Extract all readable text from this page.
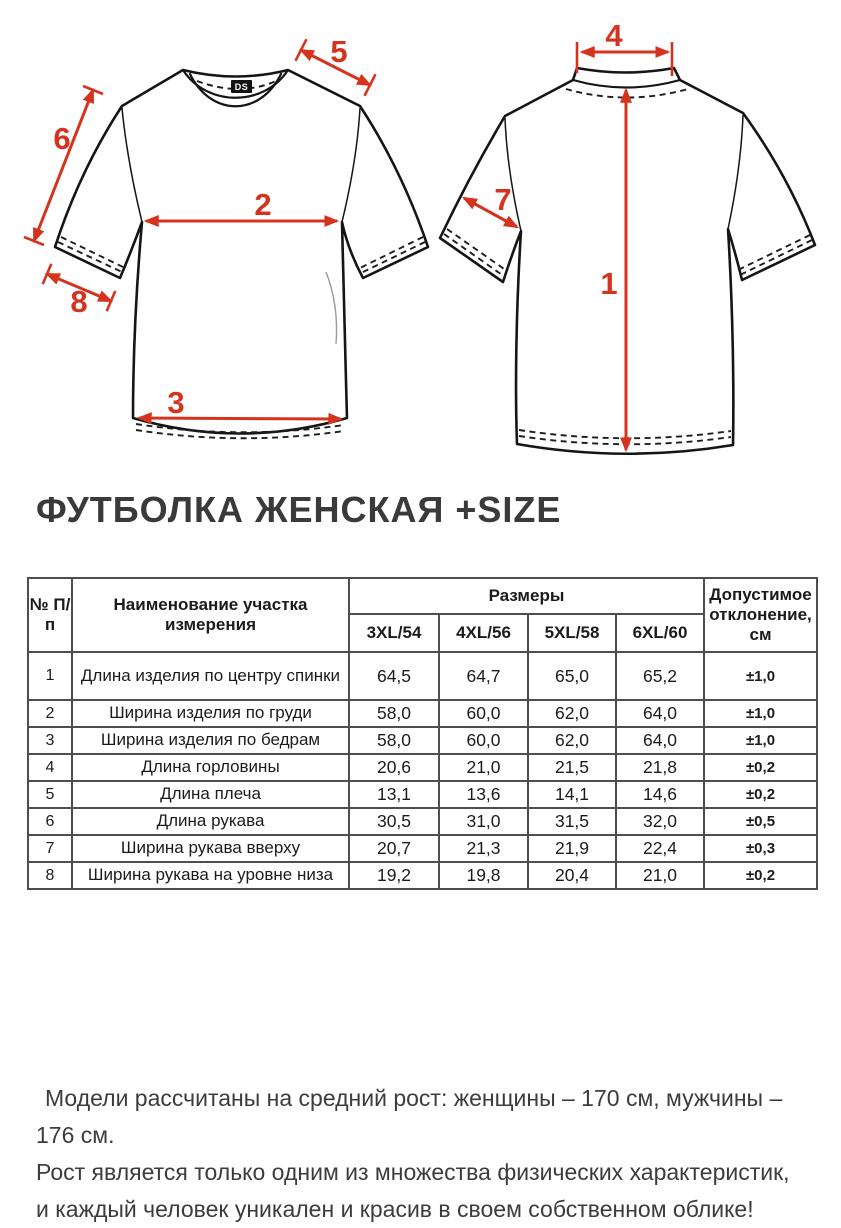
DS
2
3
5
6
8
4
1
7
ФУТБОЛКА ЖЕНСКАЯ +SIZE
№ П/п	Наименование участка измерения	Размеры				Допустимое отклонение, см
		3XL/54	4XL/56	5XL/58	6XL/60	
1	Длина изделия по центру спинки	64,5	64,7	65,0	65,2	±1,0
2	Ширина изделия по груди	58,0	60,0	62,0	64,0	±1,0
3	Ширина изделия по бедрам	58,0	60,0	62,0	64,0	±1,0
4	Длина горловины	20,6	21,0	21,5	21,8	±0,2
5	Длина плеча	13,1	13,6	14,1	14,6	±0,2
6	Длина рукава	30,5	31,0	31,5	32,0	±0,5
7	Ширина рукава вверху	20,7	21,3	21,9	22,4	±0,3
8	Ширина рукава на уровне низа	19,2	19,8	20,4	21,0	±0,2

Модели рассчитаны на средний рост: женщины – 170 см, мужчины – 176 см.

Рост является только одним из множества физических характеристик,

и каждый человек уникален и красив в своем собственном облике!
